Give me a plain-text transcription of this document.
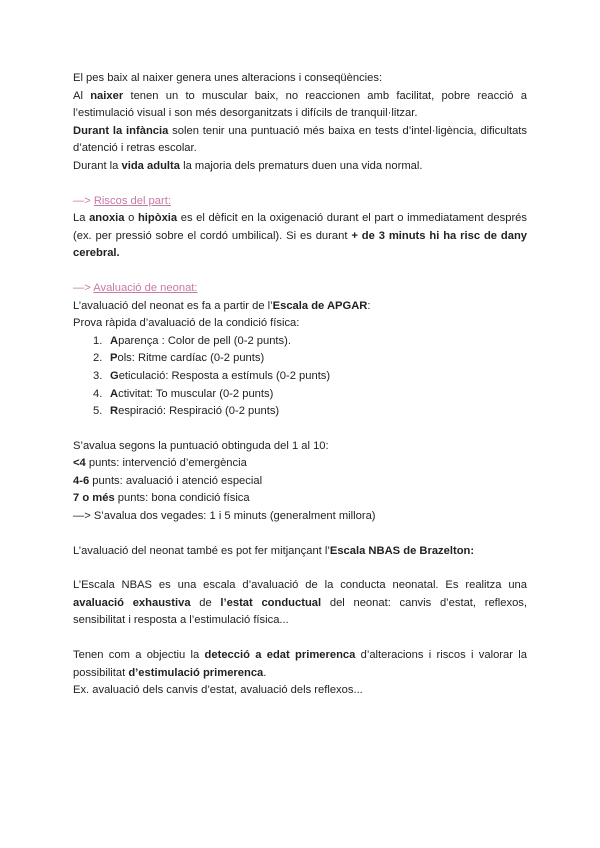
El pes baix al naixer genera unes alteracions i conseqüències:

Al naixer tenen un to muscular baix, no reaccionen amb facilitat, pobre reacció a l’estimulació visual i son més desorganitzats i difícils de tranquil·litzar.

Durant la infància solen tenir una puntuació més baixa en tests d’intel·ligència, dificultats d’atenció i retras escolar.

Durant la vida adulta la majoria dels prematurs duen una vida normal.

—> Riscos del part:

La anoxia o hipòxia es el dèficit en la oxigenació durant el part o immediatament després (ex. per pressió sobre el cordó umbilical). Si es durant + de 3 minuts hi ha risc de dany cerebral.

—> Avaluació de neonat:

L’avaluació del neonat es fa a partir de l’Escala de APGAR:

Prova ràpida d’avaluació de la condició física:

1. Aparença : Color de pell (0-2 punts).
2. Pols: Ritme cardíac (0-2 punts)
3. Geticulació: Resposta a estímuls (0-2 punts)
4. Activitat: To muscular (0-2 punts)
5. Respiració: Respiració (0-2 punts)

S’avalua segons la puntuació obtinguda del 1 al 10:

<4 punts: intervenció d’emergència

4-6 punts: avaluació i atenció especial

7 o més punts: bona condició física

—> S’avalua dos vegades: 1 i 5 minuts (generalment millora)

L’avaluació del neonat també es pot fer mitjançant l’Escala NBAS de Brazelton:

L’Escala NBAS es una escala d’avaluació de la conducta neonatal. Es realitza una avaluació exhaustiva de l’estat conductual del neonat: canvis d’estat, reflexos, sensibilitat i resposta a l’estimulació física...

Tenen com a objectiu la detecció a edat primerenca d’alteracions i riscos i valorar la possibilitat d’estimulació primerenca.

Ex. avaluació dels canvis d’estat, avaluació dels reflexos...
